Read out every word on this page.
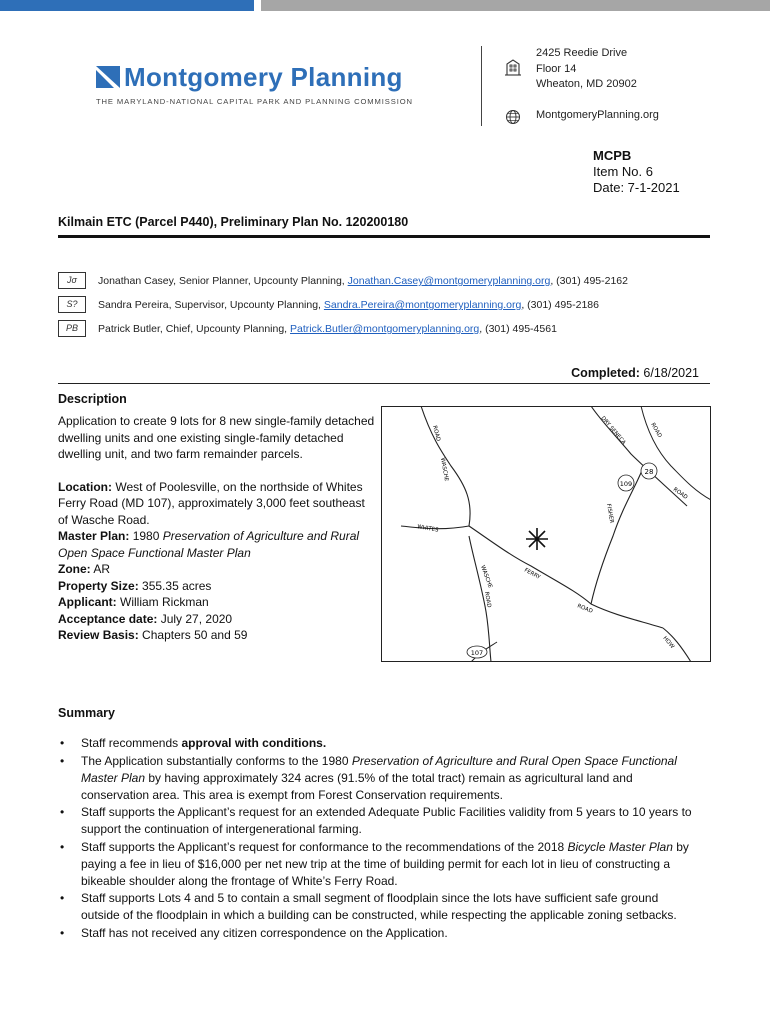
Montgomery Planning
THE MARYLAND-NATIONAL CAPITAL PARK AND PLANNING COMMISSION
2425 Reedie Drive
Floor 14
Wheaton, MD 20902
MontgomeryPlanning.org
MCPB
Item No. 6
Date: 7-1-2021
Kilmain ETC (Parcel P440), Preliminary Plan No. 120200180
Jσ	Jonathan Casey, Senior Planner, Upcounty Planning, Jonathan.Casey@montgomeryplanning.org, (301) 495-2162
S?	Sandra Pereira, Supervisor, Upcounty Planning, Sandra.Pereira@montgomeryplanning.org, (301) 495-2186
PB	Patrick Butler, Chief, Upcounty Planning, Patrick.Butler@montgomeryplanning.org, (301) 495-4561
Completed: 6/18/2021
Description

Application to create 9 lots for 8 new single-family detached dwelling units and one existing single-family detached dwelling unit, and two farm remainder parcels.

Location: West of Poolesville, on the northside of Whites Ferry Road (MD 107), approximately 3,000 feet southeast of Wasche Road.

Master Plan: 1980 Preservation of Agriculture and Rural Open Space Functional Master Plan

Zone: AR

Property Size: 355.35 acres

Applicant: William Rickman

Acceptance date: July 27, 2020

Review Basis: Chapters 50 and 59

28
109
107
ROAD
WASCHE
WHITES
FERRY
ROAD
WASCHE
ROAD
DRY SENECA	ROAD
FISHER
ROAD
HOW
Summary
• Staff recommends approval with conditions.
• The Application substantially conforms to the 1980 Preservation of Agriculture and Rural Open Space Functional Master Plan by having approximately 324 acres (91.5% of the total tract) remain as agricultural land and conservation area. This area is exempt from Forest Conservation requirements.
• Staff supports the Applicant’s request for an extended Adequate Public Facilities validity from 5 years to 10 years to support the continuation of intergenerational farming.
• Staff supports the Applicant’s request for conformance to the recommendations of the 2018 Bicycle Master Plan by paying a fee in lieu of $16,000 per net new trip at the time of building permit for each lot in lieu of constructing a bikeable shoulder along the frontage of White’s Ferry Road.
• Staff supports Lots 4 and 5 to contain a small segment of floodplain since the lots have sufficient safe ground outside of the floodplain in which a building can be constructed, while respecting the applicable zoning setbacks.
• Staff has not received any citizen correspondence on the Application.
